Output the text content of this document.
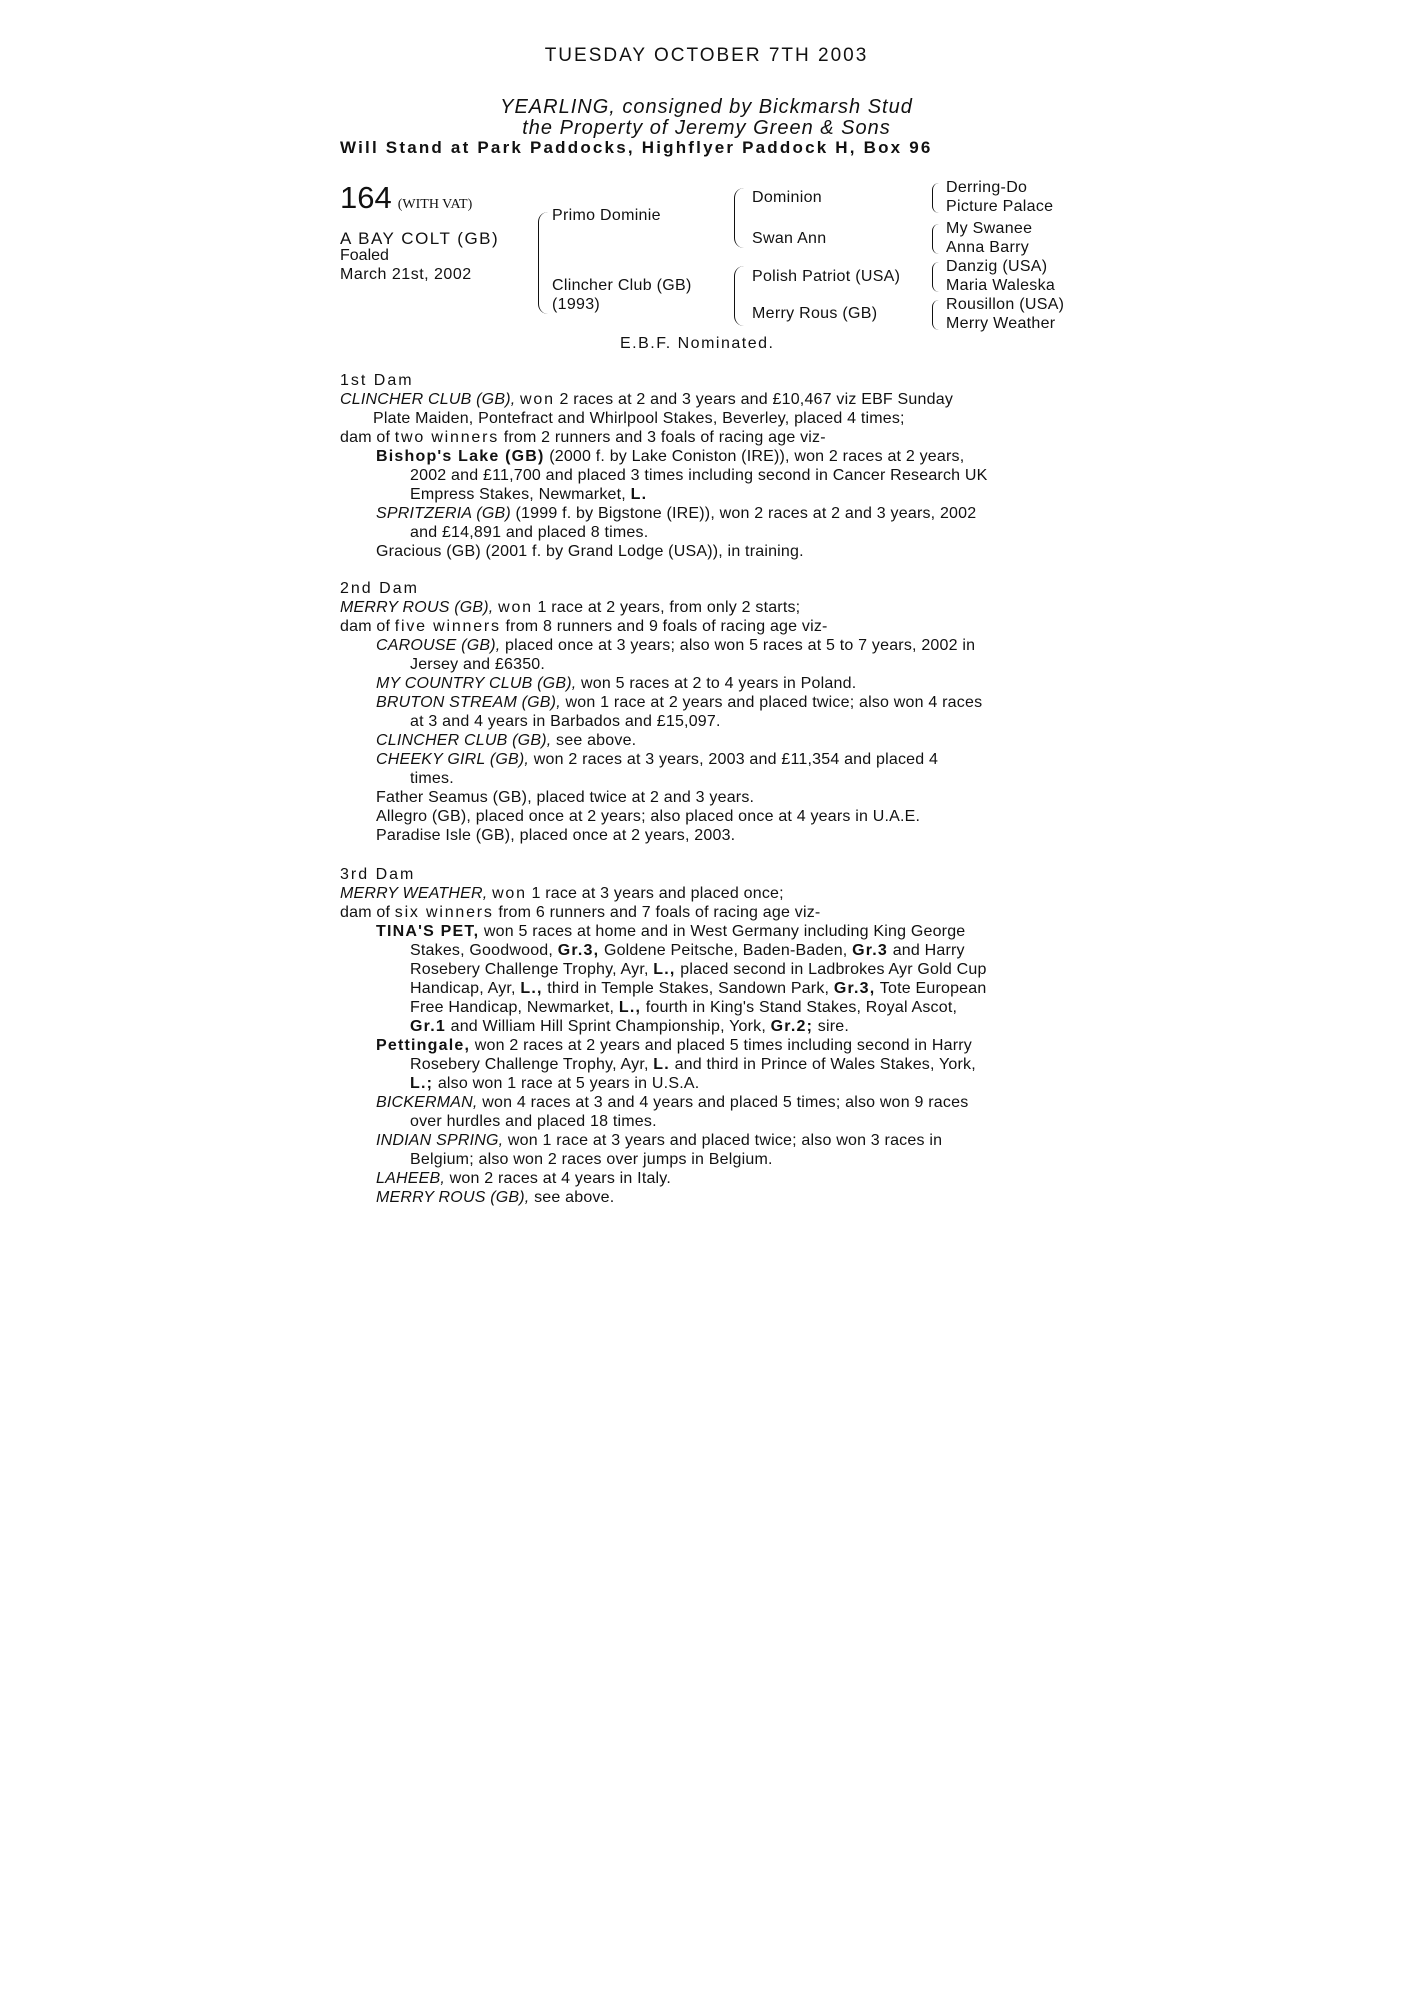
TUESDAY OCTOBER 7TH 2003
YEARLING, consigned by Bickmarsh Stud
the Property of Jeremy Green & Sons
Will Stand at Park Paddocks, Highflyer Paddock H, Box 96
164 (WITH VAT)
A BAY COLT (GB)
Foaled
March 21st, 2002
Primo Dominie
Clincher Club (GB)
(1993)
Dominion
Swan Ann
Polish Patriot (USA)
Merry Rous (GB)
Derring-Do
Picture Palace
My Swanee
Anna Barry
Danzig (USA)
Maria Waleska
Rousillon (USA)
Merry Weather
E.B.F. Nominated.
1st Dam
CLINCHER CLUB (GB), won 2 races at 2 and 3 years and £10,467 viz EBF Sunday
Plate Maiden, Pontefract and Whirlpool Stakes, Beverley, placed 4 times;
dam of two winners from 2 runners and 3 foals of racing age viz-
Bishop's Lake (GB) (2000 f. by Lake Coniston (IRE)), won 2 races at 2 years,
2002 and £11,700 and placed 3 times including second in Cancer Research UK
Empress Stakes, Newmarket, L.
SPRITZERIA (GB) (1999 f. by Bigstone (IRE)), won 2 races at 2 and 3 years, 2002
and £14,891 and placed 8 times.
Gracious (GB) (2001 f. by Grand Lodge (USA)), in training.
2nd Dam
MERRY ROUS (GB), won 1 race at 2 years, from only 2 starts;
dam of five winners from 8 runners and 9 foals of racing age viz-
CAROUSE (GB), placed once at 3 years; also won 5 races at 5 to 7 years, 2002 in
Jersey and £6350.
MY COUNTRY CLUB (GB), won 5 races at 2 to 4 years in Poland.
BRUTON STREAM (GB), won 1 race at 2 years and placed twice; also won 4 races
at 3 and 4 years in Barbados and £15,097.
CLINCHER CLUB (GB), see above.
CHEEKY GIRL (GB), won 2 races at 3 years, 2003 and £11,354 and placed 4
times.
Father Seamus (GB), placed twice at 2 and 3 years.
Allegro (GB), placed once at 2 years; also placed once at 4 years in U.A.E.
Paradise Isle (GB), placed once at 2 years, 2003.
3rd Dam
MERRY WEATHER, won 1 race at 3 years and placed once;
dam of six winners from 6 runners and 7 foals of racing age viz-
TINA'S PET, won 5 races at home and in West Germany including King George
Stakes, Goodwood, Gr.3, Goldene Peitsche, Baden-Baden, Gr.3 and Harry
Rosebery Challenge Trophy, Ayr, L., placed second in Ladbrokes Ayr Gold Cup
Handicap, Ayr, L., third in Temple Stakes, Sandown Park, Gr.3, Tote European
Free Handicap, Newmarket, L., fourth in King's Stand Stakes, Royal Ascot,
Gr.1 and William Hill Sprint Championship, York, Gr.2; sire.
Pettingale, won 2 races at 2 years and placed 5 times including second in Harry
Rosebery Challenge Trophy, Ayr, L. and third in Prince of Wales Stakes, York,
L.; also won 1 race at 5 years in U.S.A.
BICKERMAN, won 4 races at 3 and 4 years and placed 5 times; also won 9 races
over hurdles and placed 18 times.
INDIAN SPRING, won 1 race at 3 years and placed twice; also won 3 races in
Belgium; also won 2 races over jumps in Belgium.
LAHEEB, won 2 races at 4 years in Italy.
MERRY ROUS (GB), see above.
